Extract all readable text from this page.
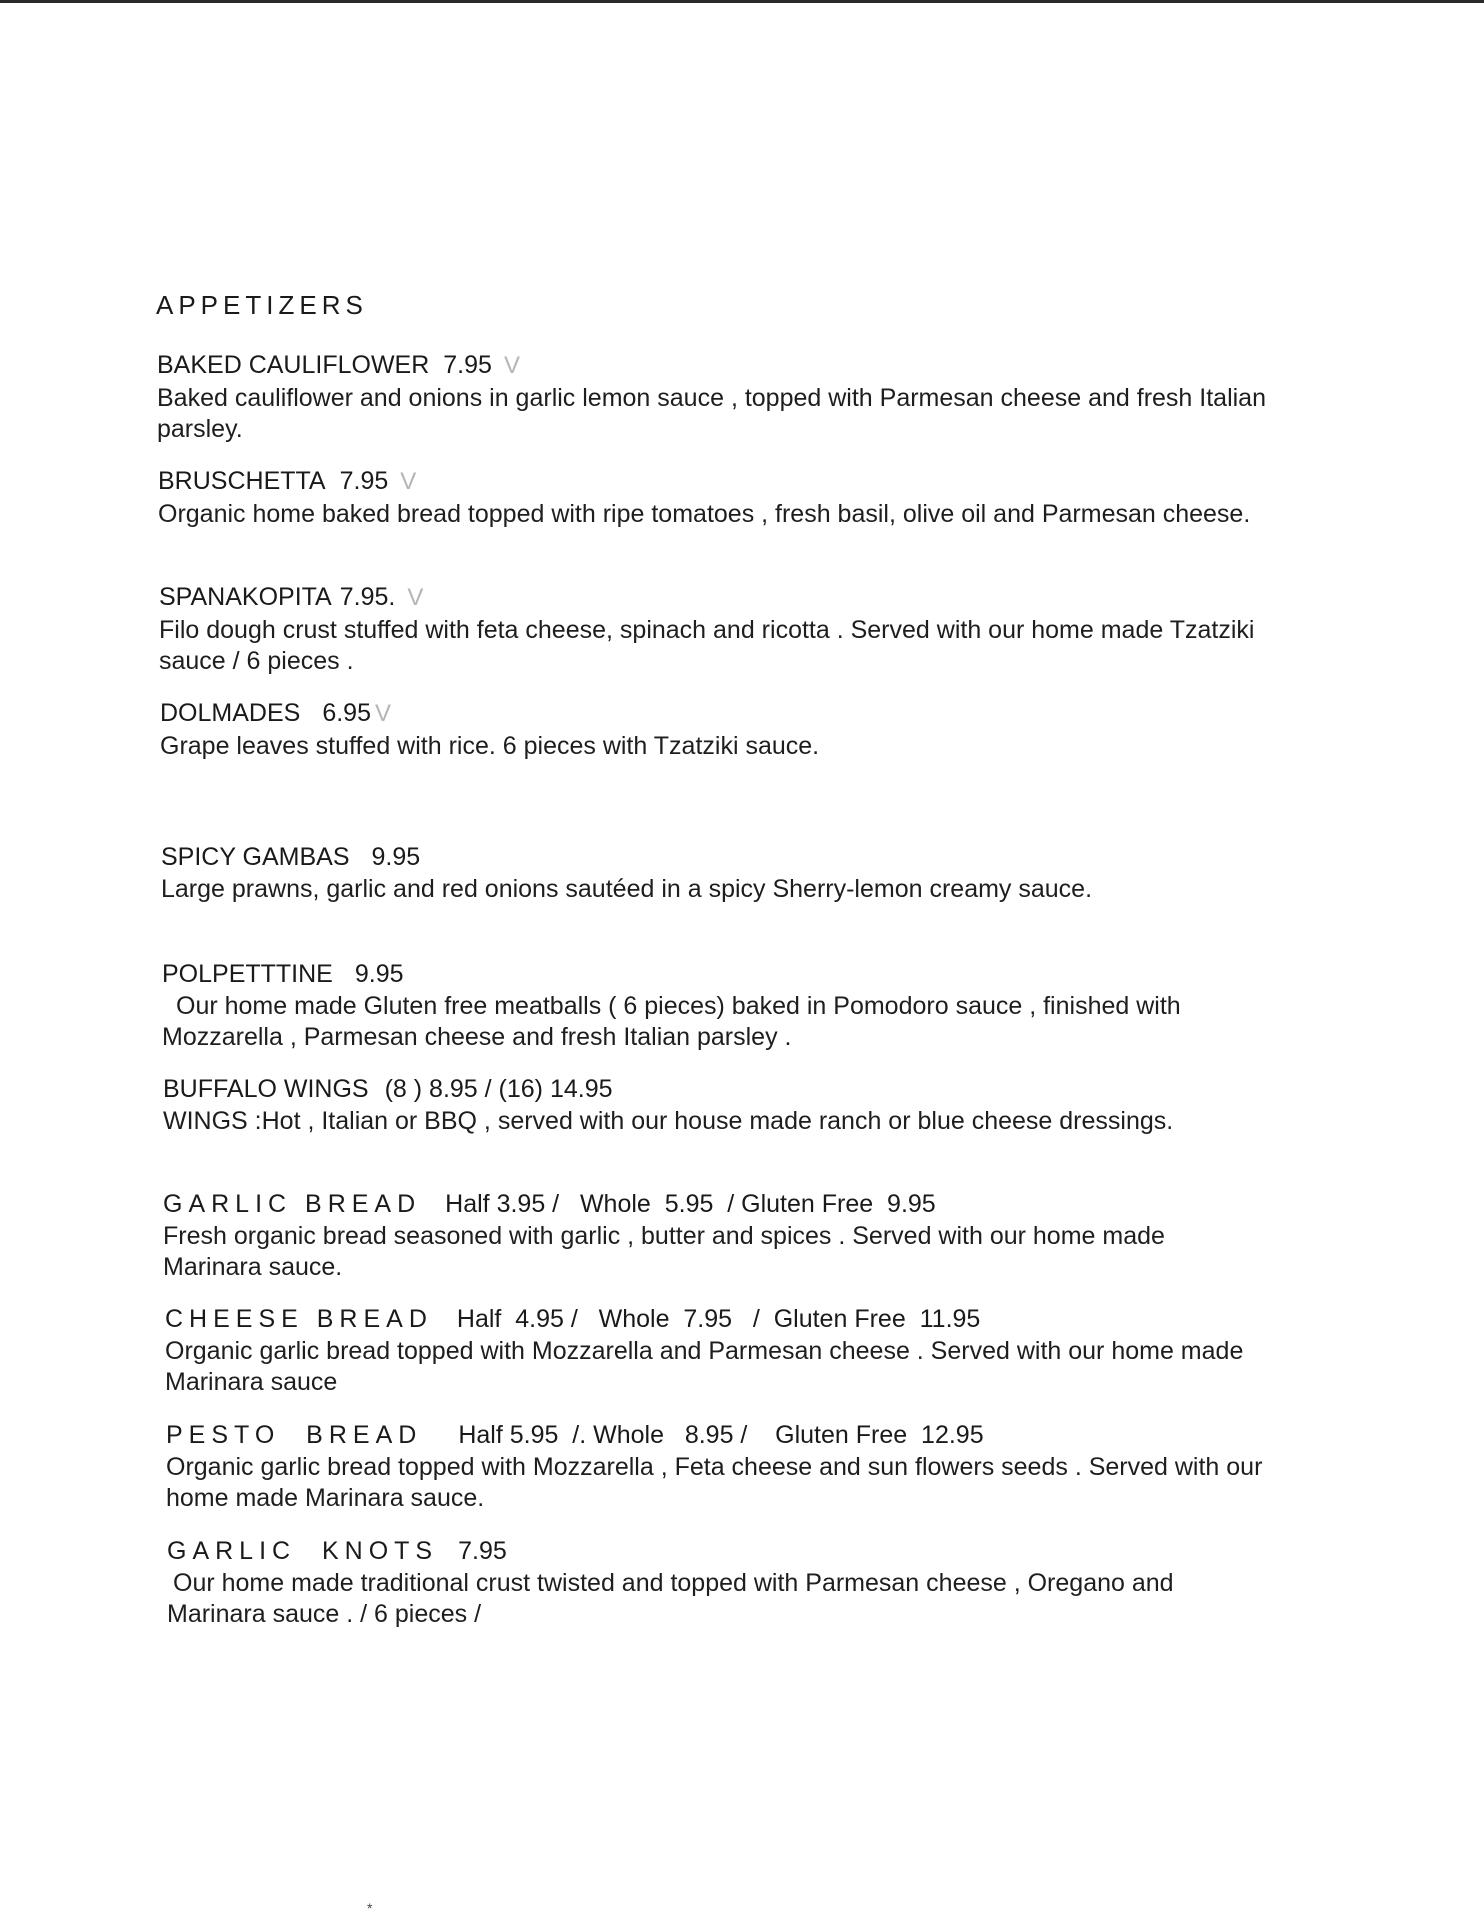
APPETIZERS
BAKED CAULIFLOWER 7.95 V
Baked cauliflower and onions in garlic lemon sauce , topped with Parmesan cheese and fresh Italian parsley.
BRUSCHETTA 7.95 V
Organic home baked bread topped with ripe tomatoes , fresh basil, olive oil and Parmesan cheese.
SPANAKOPITA 7.95. V
Filo dough crust stuffed with feta cheese, spinach and ricotta . Served with our home made Tzatziki sauce / 6 pieces .
DOLMADES 6.95 V
Grape leaves stuffed with rice. 6 pieces with Tzatziki sauce.
SPICY GAMBAS 9.95
Large prawns, garlic and red onions sautéed in a spicy Sherry-lemon creamy sauce.
POLPETTTINE 9.95
Our home made Gluten free meatballs ( 6 pieces) baked in Pomodoro sauce , finished with Mozzarella , Parmesan cheese and fresh Italian parsley .
BUFFALO WINGS (8 ) 8.95 / (16) 14.95
WINGS :Hot , Italian or BBQ , served with our house made ranch or blue cheese dressings.
GARLIC BREAD Half 3.95 /   Whole  5.95  / Gluten Free  9.95
Fresh organic bread seasoned with garlic , butter and spices . Served with our home made Marinara sauce.
CHEESE BREAD Half  4.95 /   Whole  7.95   /  Gluten Free  11.95
Organic garlic bread topped with Mozzarella and Parmesan cheese . Served with our home made Marinara sauce
PESTO  BREAD Half 5.95  /. Whole   8.95 /    Gluten Free  12.95
Organic garlic bread topped with Mozzarella , Feta cheese and sun flowers seeds . Served with our home made Marinara sauce.
GARLIC  KNOTS 7.95
Our home made traditional crust twisted and topped with Parmesan cheese , Oregano and Marinara sauce . / 6 pieces /
*
